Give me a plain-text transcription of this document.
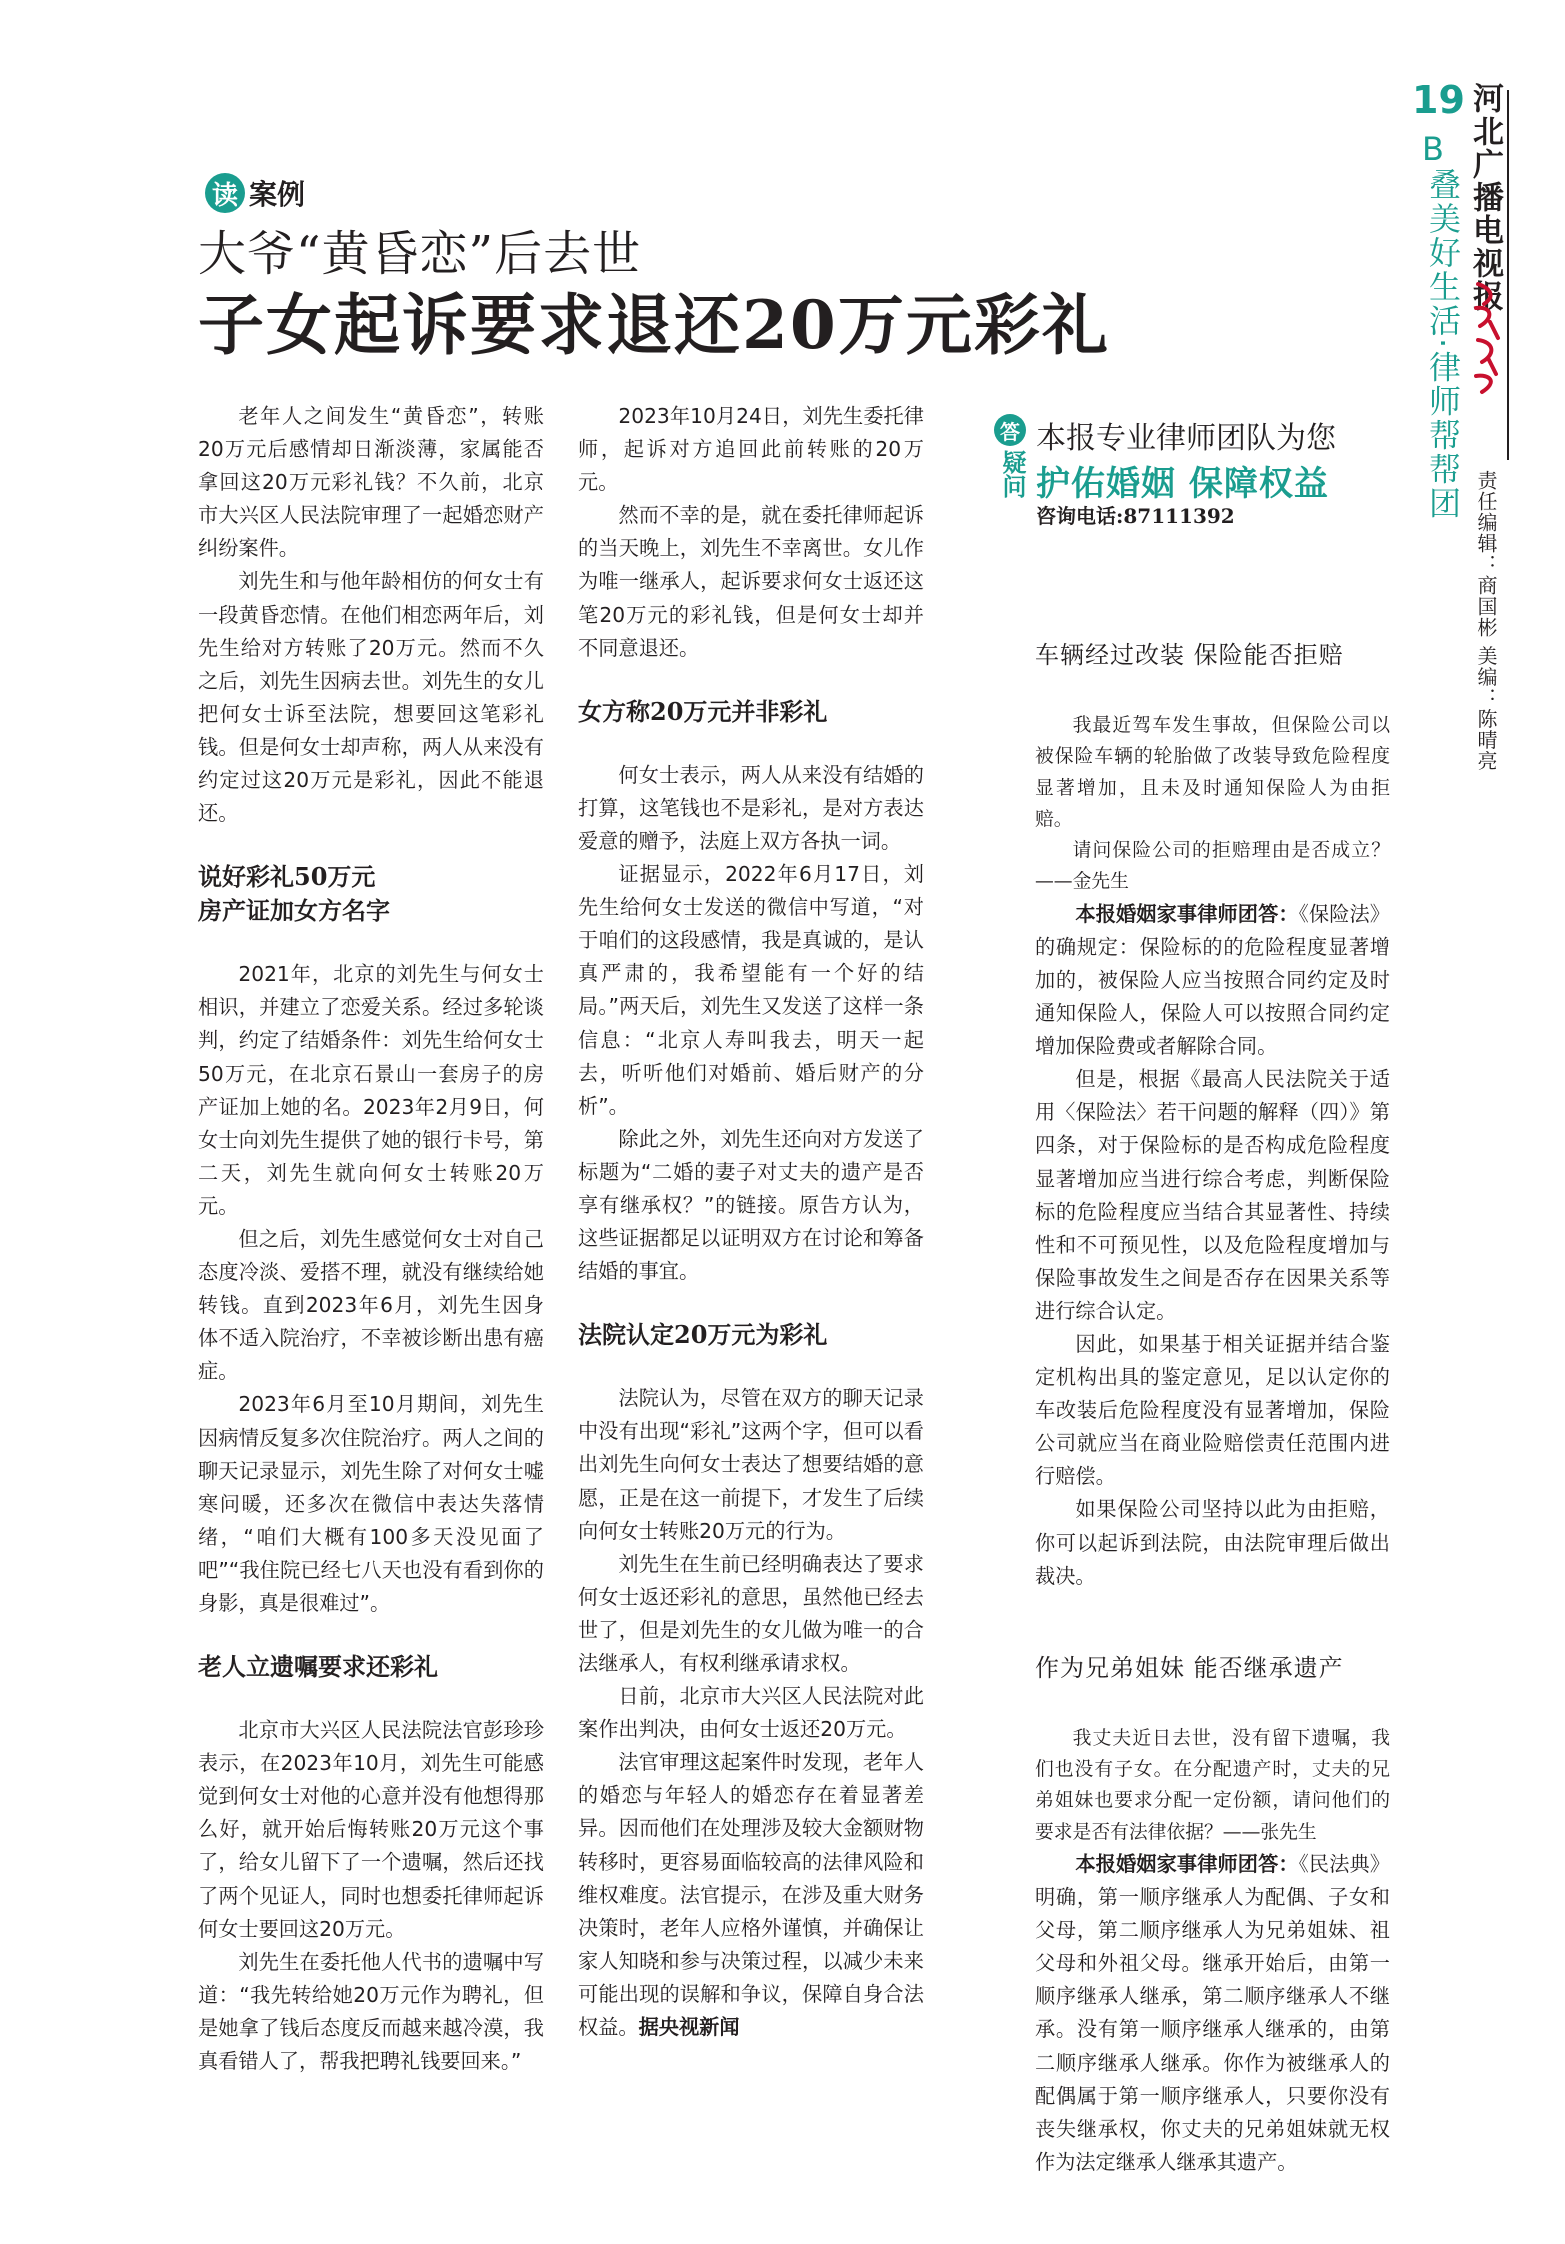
读 案例
大爷“黄昏恋”后去世
子女起诉要求退还20万元彩礼

老年人之间发生“黄昏恋”，转账20万元后感情却日渐淡薄，家属能否拿回这20万元彩礼钱？不久前，北京市大兴区人民法院审理了一起婚恋财产纠纷案件。

刘先生和与他年龄相仿的何女士有一段黄昏恋情。在他们相恋两年后，刘先生给对方转账了20万元。然而不久之后，刘先生因病去世。刘先生的女儿把何女士诉至法院，想要回这笔彩礼钱。但是何女士却声称，两人从来没有约定过这20万元是彩礼，因此不能退还。

说好彩礼50万元
房产证加女方名字

2021年，北京的刘先生与何女士相识，并建立了恋爱关系。经过多轮谈判，约定了结婚条件：刘先生给何女士50万元，在北京石景山一套房子的房产证加上她的名。2023年2月9日，何女士向刘先生提供了她的银行卡号，第二天，刘先生就向何女士转账20万元。

但之后，刘先生感觉何女士对自己态度冷淡、爱搭不理，就没有继续给她转钱。直到2023年6月，刘先生因身体不适入院治疗，不幸被诊断出患有癌症。

2023年6月至10月期间，刘先生因病情反复多次住院治疗。两人之间的聊天记录显示，刘先生除了对何女士嘘寒问暖，还多次在微信中表达失落情绪，“咱们大概有100多天没见面了吧”“我住院已经七八天也没有看到你的身影，真是很难过”。

老人立遗嘱要求还彩礼

北京市大兴区人民法院法官彭珍珍表示，在2023年10月，刘先生可能感觉到何女士对他的心意并没有他想得那么好，就开始后悔转账20万元这个事了，给女儿留下了一个遗嘱，然后还找了两个见证人，同时也想委托律师起诉何女士要回这20万元。

刘先生在委托他人代书的遗嘱中写道：“我先转给她20万元作为聘礼，但是她拿了钱后态度反而越来越冷漠，我真看错人了，帮我把聘礼钱要回来。”

2023年10月24日，刘先生委托律师，起诉对方追回此前转账的20万元。

然而不幸的是，就在委托律师起诉的当天晚上，刘先生不幸离世。女儿作为唯一继承人，起诉要求何女士返还这笔20万元的彩礼钱，但是何女士却并不同意退还。

女方称20万元并非彩礼

何女士表示，两人从来没有结婚的打算，这笔钱也不是彩礼，是对方表达爱意的赠予，法庭上双方各执一词。

证据显示，2022年6月17日，刘先生给何女士发送的微信中写道，“对于咱们的这段感情，我是真诚的，是认真严肃的，我希望能有一个好的结局。”两天后，刘先生又发送了这样一条信息：“北京人寿叫我去，明天一起去，听听他们对婚前、婚后财产的分析”。

除此之外，刘先生还向对方发送了标题为“二婚的妻子对丈夫的遗产是否享有继承权？”的链接。原告方认为，这些证据都足以证明双方在讨论和筹备结婚的事宜。

法院认定20万元为彩礼

法院认为，尽管在双方的聊天记录中没有出现“彩礼”这两个字，但可以看出刘先生向何女士表达了想要结婚的意愿，正是在这一前提下，才发生了后续向何女士转账20万元的行为。

刘先生在生前已经明确表达了要求何女士返还彩礼的意思，虽然他已经去世了，但是刘先生的女儿做为唯一的合法继承人，有权利继承请求权。

日前，北京市大兴区人民法院对此案作出判决，由何女士返还20万元。

法官审理这起案件时发现，老年人的婚恋与年轻人的婚恋存在着显著差异。因而他们在处理涉及较大金额财物转移时，更容易面临较高的法律风险和维权难度。法官提示，在涉及重大财务决策时，老年人应格外谨慎，并确保让家人知晓和参与决策过程，以减少未来可能出现的误解和争议，保障自身合法权益。据央视新闻

答
疑问
本报专业律师团队为您
护佑婚姻 保障权益
咨询电话:87111392
车辆经过改装 保险能否拒赔

我最近驾车发生事故，但保险公司以被保险车辆的轮胎做了改装导致危险程度显著增加，且未及时通知保险人为由拒赔。

请问保险公司的拒赔理由是否成立？——金先生

本报婚姻家事律师团答：《保险法》的确规定：保险标的的危险程度显著增加的，被保险人应当按照合同约定及时通知保险人，保险人可以按照合同约定增加保险费或者解除合同。

但是，根据《最高人民法院关于适用〈保险法〉若干问题的解释（四）》第四条，对于保险标的是否构成危险程度显著增加应当进行综合考虑，判断保险标的危险程度应当结合其显著性、持续性和不可预见性，以及危险程度增加与保险事故发生之间是否存在因果关系等进行综合认定。

因此，如果基于相关证据并结合鉴定机构出具的鉴定意见，足以认定你的车改装后危险程度没有显著增加，保险公司就应当在商业险赔偿责任范围内进行赔偿。

如果保险公司坚持以此为由拒赔，你可以起诉到法院，由法院审理后做出裁决。

作为兄弟姐妹 能否继承遗产

我丈夫近日去世，没有留下遗嘱，我们也没有子女。在分配遗产时，丈夫的兄弟姐妹也要求分配一定份额，请问他们的要求是否有法律依据？——张先生

本报婚姻家事律师团答：《民法典》明确，第一顺序继承人为配偶、子女和父母，第二顺序继承人为兄弟姐妹、祖父母和外祖父母。继承开始后，由第一顺序继承人继承，第二顺序继承人不继承。没有第一顺序继承人继承的，由第二顺序继承人继承。你作为被继承人的配偶属于第一顺序继承人，只要你没有丧失继承权，你丈夫的兄弟姐妹就无权作为法定继承人继承其遗产。

19
B
叠美好生活·律师帮帮团 河北广播电视报
责任编辑：商国彬 美编：陈晴亮
